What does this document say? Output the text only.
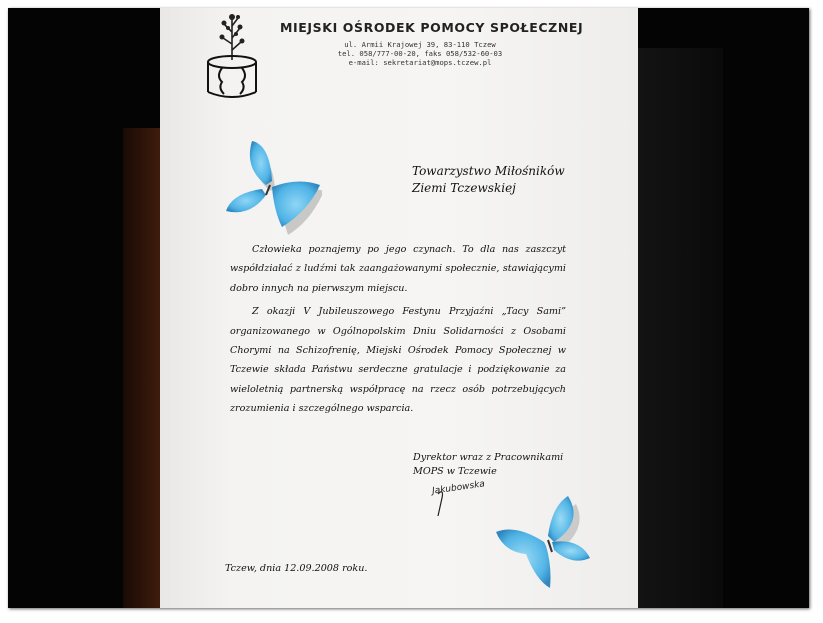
MIEJSKI OŚRODEK POMOCY SPOŁECZNEJ
ul. Armii Krajowej 39, 83-110 Tczew
tel. 058/777-00-20, faks 058/532-60-03
e-mail: sekretariat@mops.tczew.pl
Towarzystwo Miłośników
Ziemi Tczewskiej

Człowieka poznajemy po jego czynach. To dla nas zaszczyt współdziałać z ludźmi tak zaangażowanymi społecznie, stawiającymi dobro innych na pierwszym miejscu.

Z okazji V Jubileuszowego Festynu Przyjaźni „Tacy Sami” organizowanego w Ogólnopolskim Dniu Solidarności z Osobami Chorymi na Schizofrenię, Miejski Ośrodek Pomocy Społecznej w Tczewie składa Państwu serdeczne gratulacje i podziękowanie za wieloletnią partnerską współpracę na rzecz osób potrzebujących zrozumienia i szczególnego wsparcia.

Dyrektor wraz z Pracownikami
MOPS w Tczewie
Jakubowska
Tczew, dnia 12.09.2008 roku.
